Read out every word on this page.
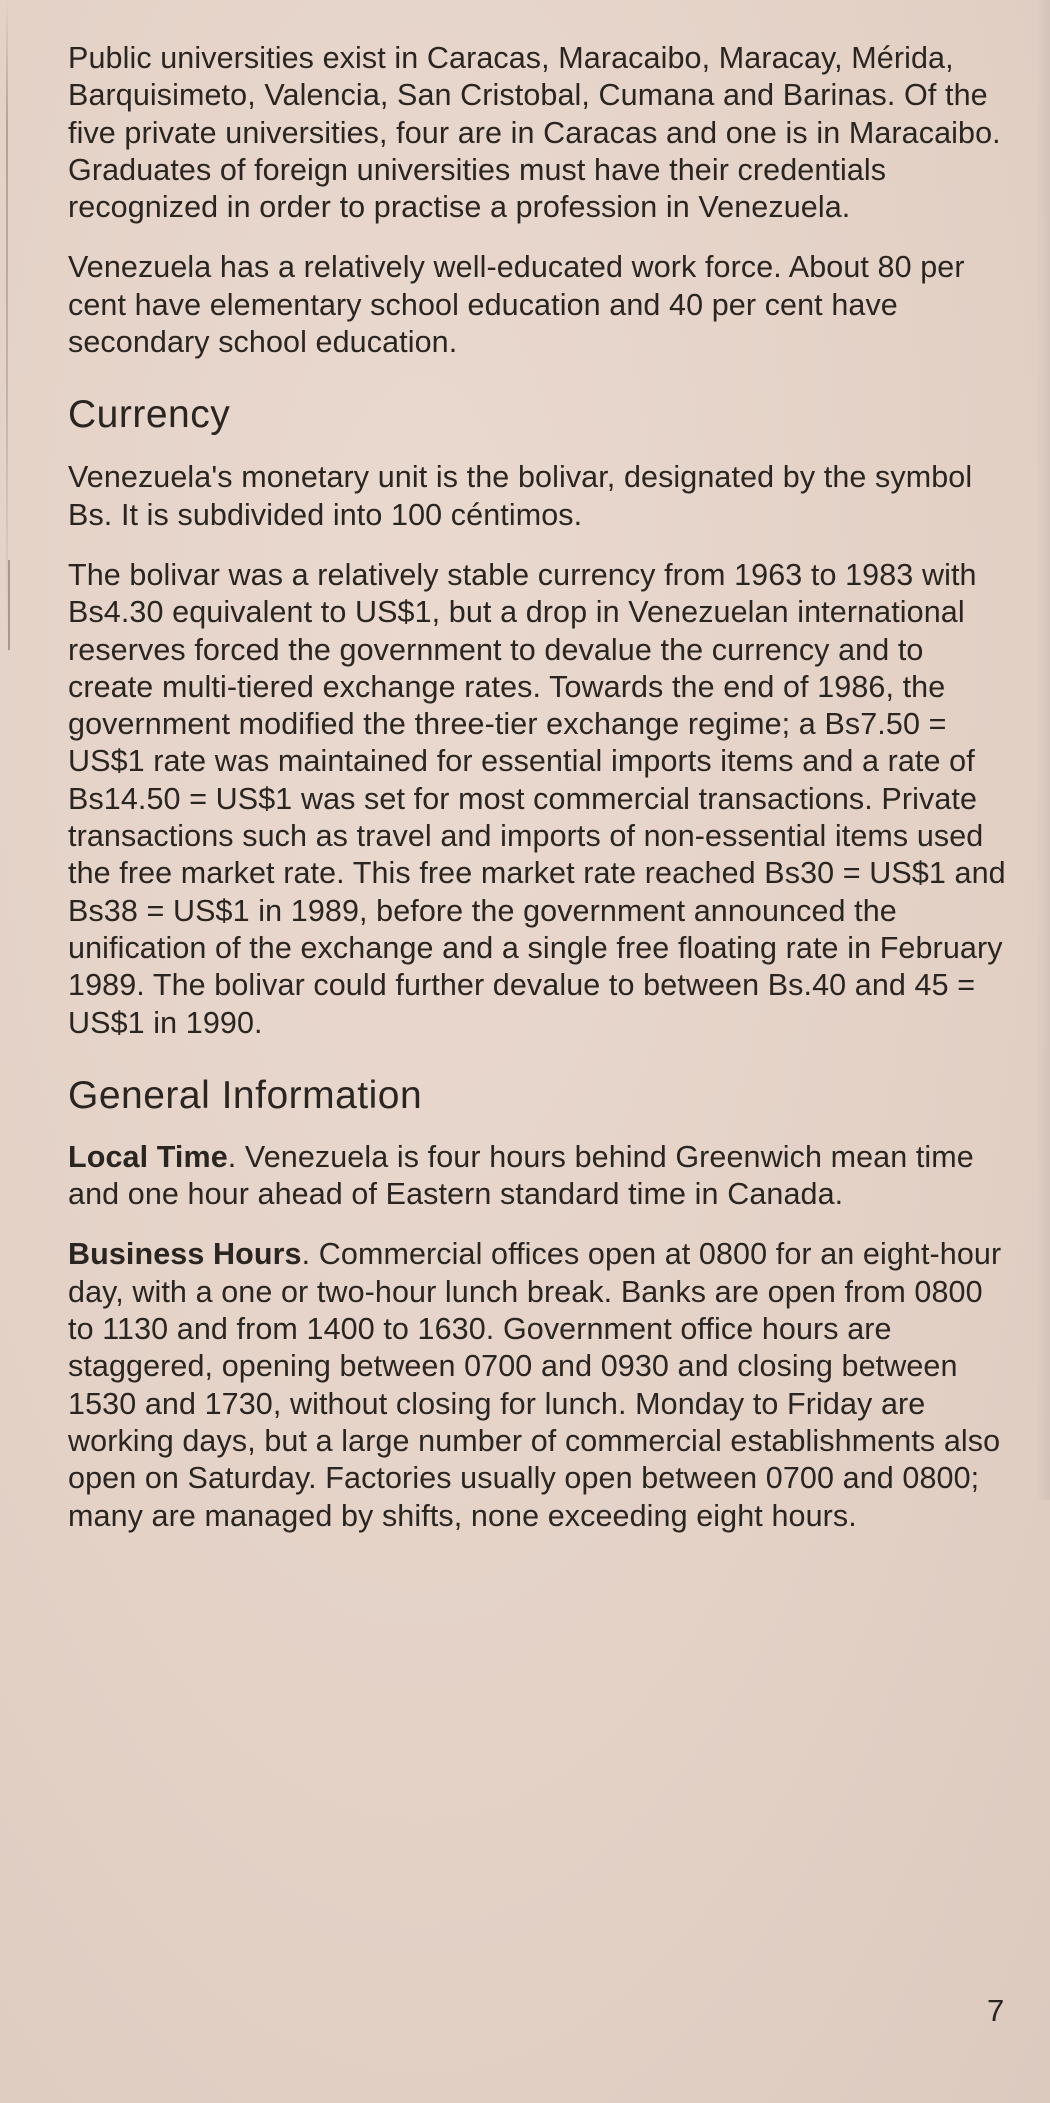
Public universities exist in Caracas, Maracaibo, Maracay, Mérida, Barquisimeto, Valencia, San Cristobal, Cumana and Barinas. Of the five private universities, four are in Caracas and one is in Maracaibo. Graduates of foreign universities must have their credentials recognized in order to practise a profession in Venezuela.

Venezuela has a relatively well-educated work force. About 80 per cent have elementary school education and 40 per cent have secondary school education.

Currency

Venezuela's monetary unit is the bolivar, designated by the symbol Bs. It is subdivided into 100 céntimos.

The bolivar was a relatively stable currency from 1963 to 1983 with Bs4.30 equivalent to US$1, but a drop in Venezuelan international reserves forced the government to devalue the currency and to create multi-tiered exchange rates. Towards the end of 1986, the government modified the three-tier exchange regime; a Bs7.50 = US$1 rate was maintained for essential imports items and a rate of Bs14.50 = US$1 was set for most commercial transactions. Private transactions such as travel and imports of non-essential items used the free market rate. This free market rate reached Bs30 = US$1 and Bs38 = US$1 in 1989, before the government announced the unification of the exchange and a single free floating rate in February 1989. The bolivar could further devalue to between Bs.40 and 45 = US$1 in 1990.

General Information

Local Time. Venezuela is four hours behind Greenwich mean time and one hour ahead of Eastern standard time in Canada.

Business Hours. Commercial offices open at 0800 for an eight-hour day, with a one or two-hour lunch break. Banks are open from 0800 to 1130 and from 1400 to 1630. Government office hours are staggered, opening between 0700 and 0930 and closing between 1530 and 1730, without closing for lunch. Monday to Friday are working days, but a large number of commercial establishments also open on Saturday. Factories usually open between 0700 and 0800; many are managed by shifts, none exceeding eight hours.

7
